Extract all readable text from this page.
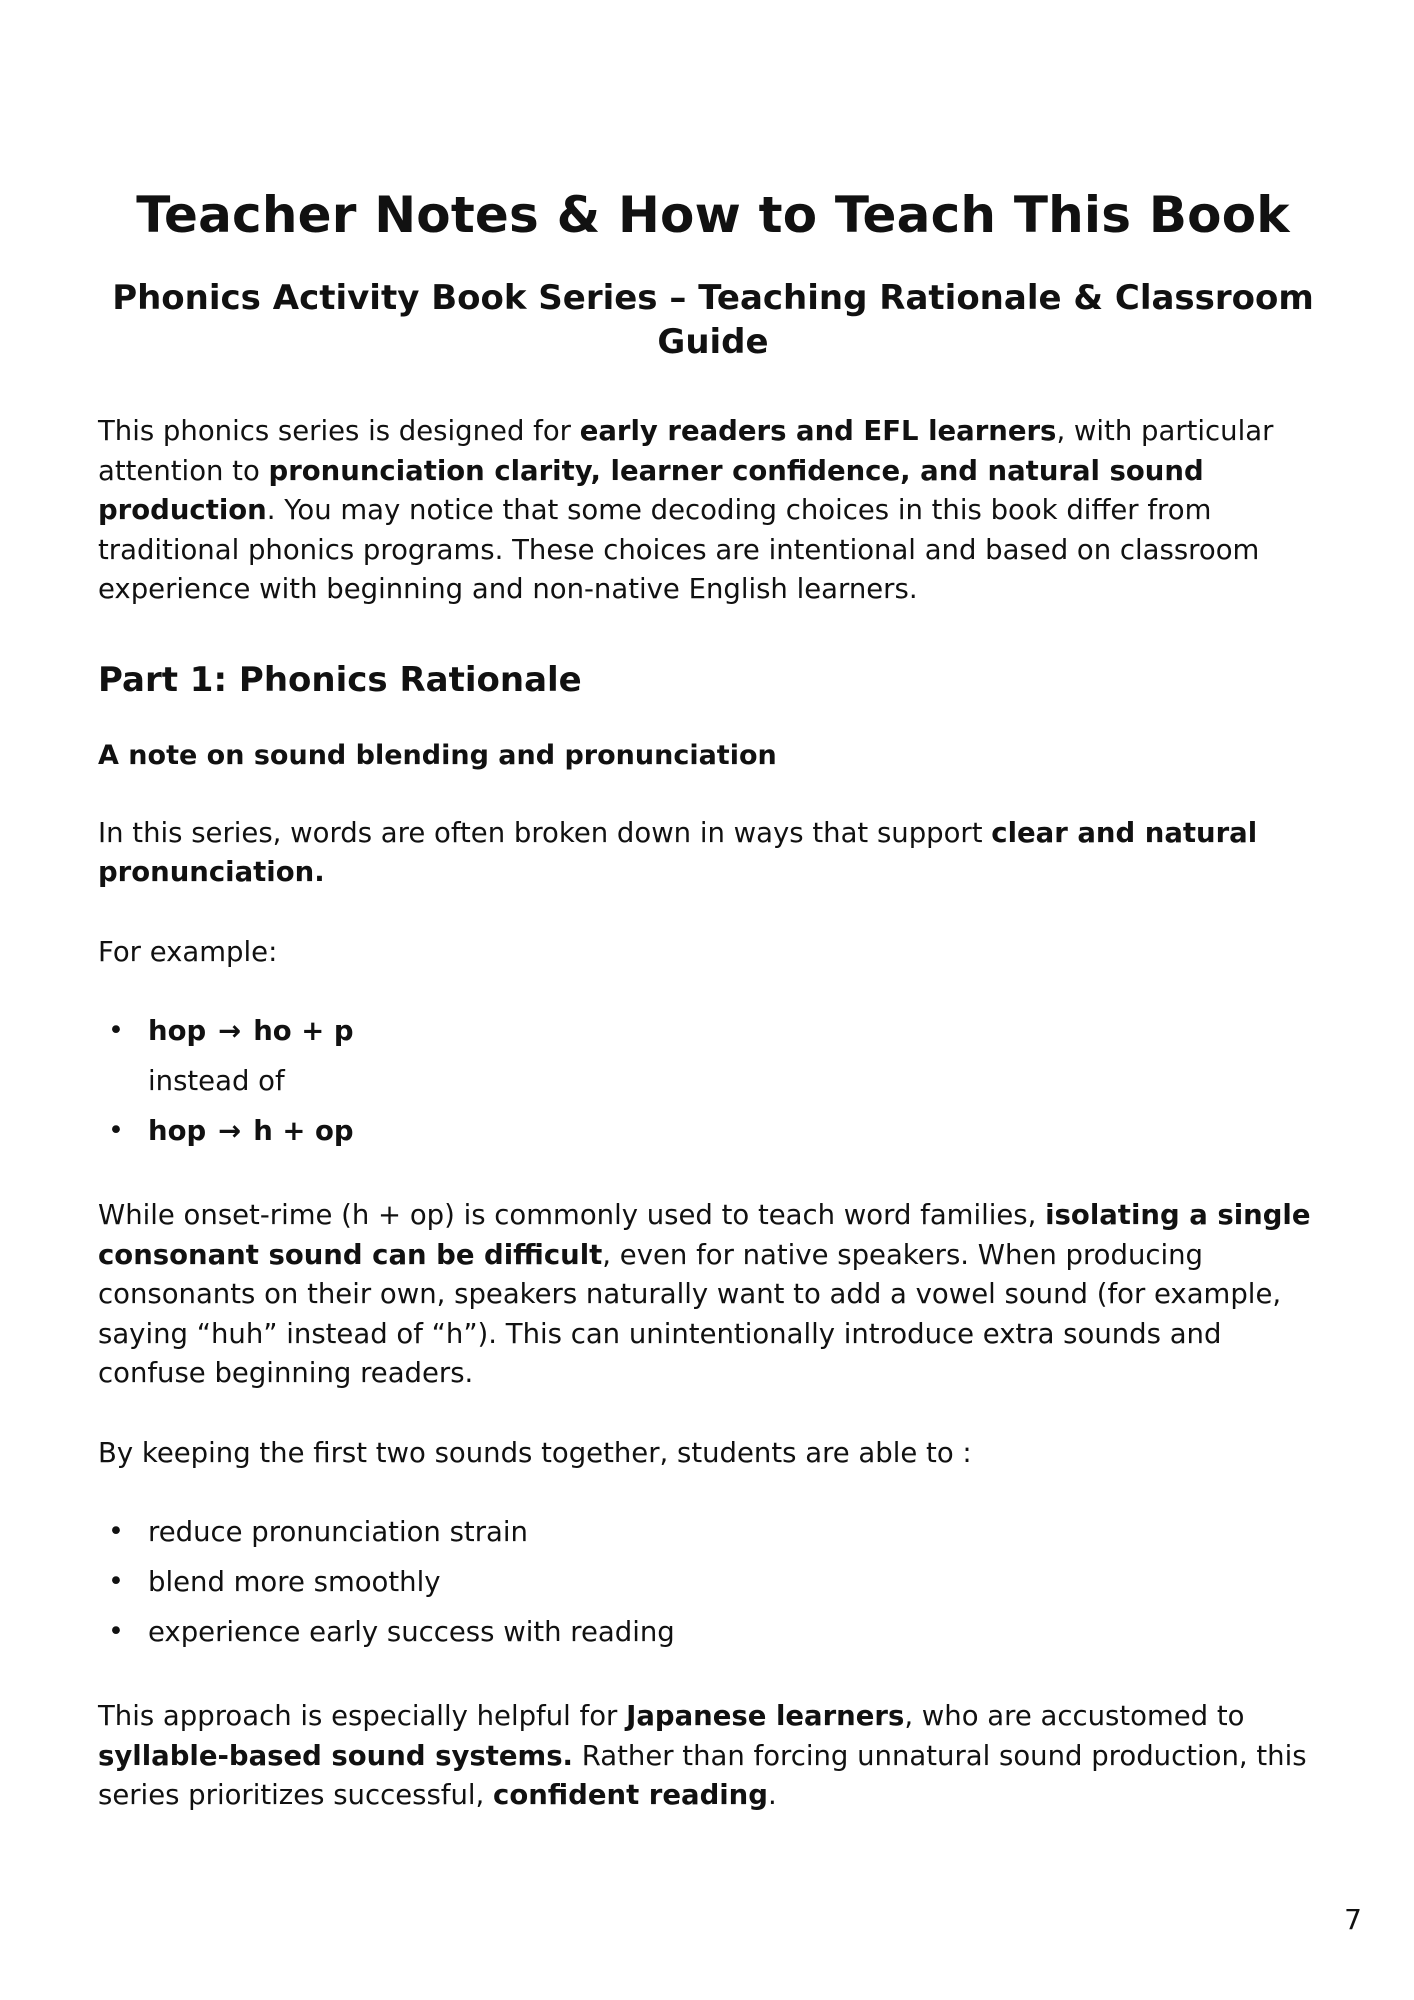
Teacher Notes & How to Teach This Book
Phonics Activity Book Series – Teaching Rationale & Classroom Guide

This phonics series is designed for early readers and EFL learners, with particular attention to pronunciation clarity, learner confidence, and natural sound production. You may notice that some decoding choices in this book differ from traditional phonics programs. These choices are intentional and based on classroom experience with beginning and non-native English learners.

Part 1: Phonics Rationale
A note on sound blending and pronunciation

In this series, words are often broken down in ways that support clear and natural pronunciation.

For example:

• hop → ho + p
instead of
• hop → h + op

While onset-rime (h + op) is commonly used to teach word families, isolating a single consonant sound can be difficult, even for native speakers. When producing consonants on their own, speakers naturally want to add a vowel sound (for example, saying “huh” instead of “h”). This can unintentionally introduce extra sounds and confuse beginning readers.

By keeping the first two sounds together, students are able to :

• reduce pronunciation strain
• blend more smoothly
• experience early success with reading

This approach is especially helpful for Japanese learners, who are accustomed to syllable-based sound systems. Rather than forcing unnatural sound production, this series prioritizes successful, confident reading.

7
